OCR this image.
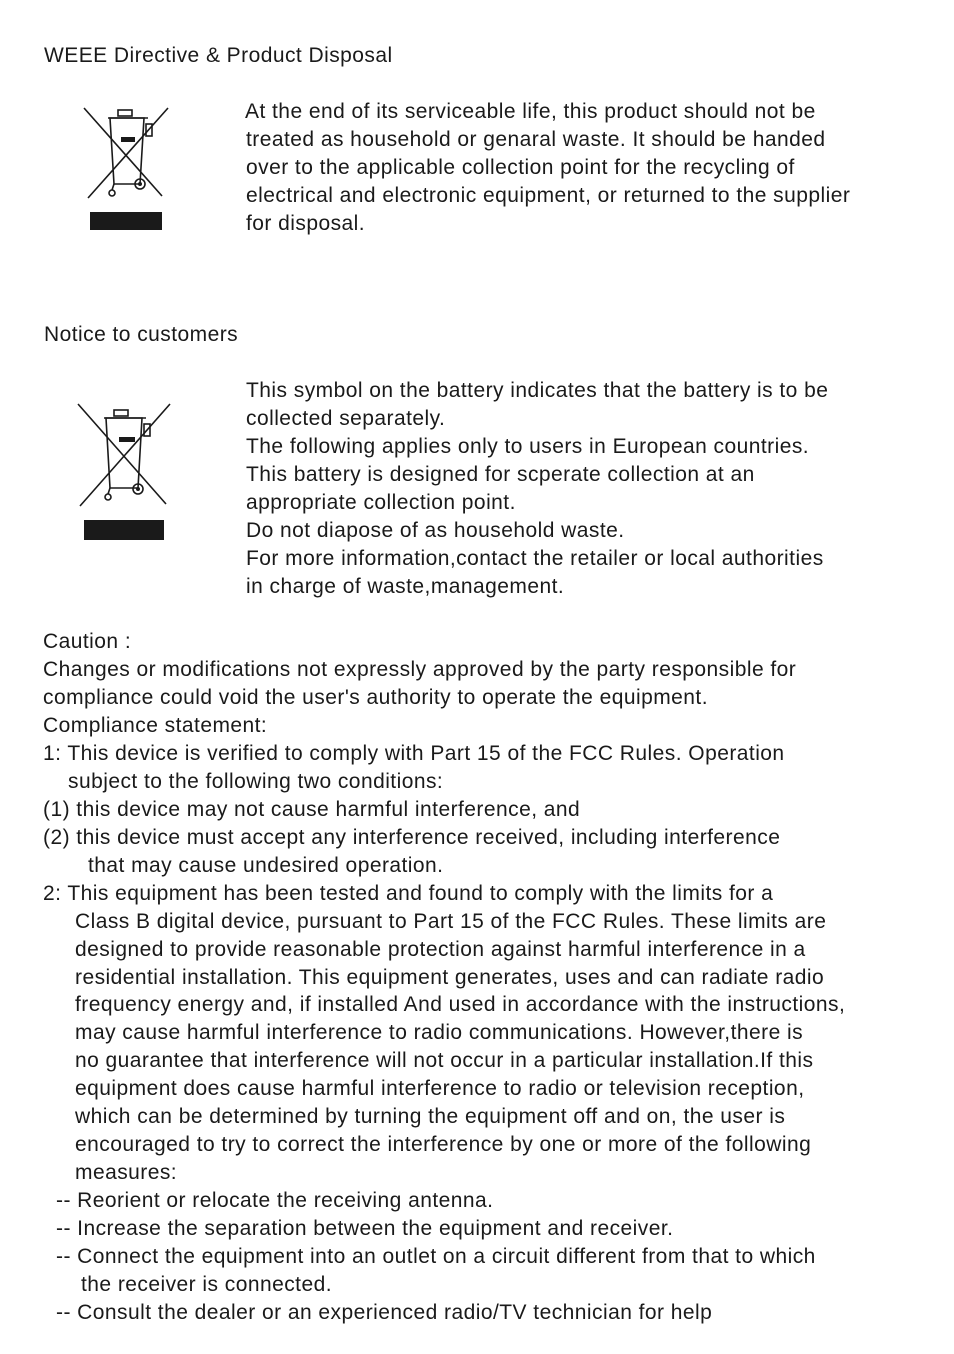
WEEE Directive & Product Disposal
At the end of its serviceable life, this product should not be
treated as household or genaral waste. It should be handed
over to the applicable collection point for the recycling of
electrical and electronic equipment, or returned to the supplier
for disposal.
Notice to customers
This symbol on the battery indicates that the battery is to be
collected separately.
The following applies only to users in European countries.
This battery is designed for scperate collection at an
appropriate collection point.
Do not diapose of as household waste.
For more information,contact the retailer or local authorities
in charge of waste,management.
Caution :
Changes or modifications not expressly approved by the party responsible for
compliance could void the user's authority to operate the equipment.
Compliance statement:
1: This device is verified to comply with Part 15 of the FCC Rules. Operation
subject to the following two conditions:
(1) this device may not cause harmful interference, and
(2) this device must accept any interference received, including interference
that may cause undesired operation.
2: This equipment has been tested and found to comply with the limits for a
Class B digital device, pursuant to Part 15 of the FCC Rules. These limits are
designed to provide reasonable protection against harmful interference in a
residential installation. This equipment generates, uses and can radiate radio
frequency energy and, if installed And used in accordance with the instructions,
may cause harmful interference to radio communications. However,there is
no guarantee that interference will not occur in a particular installation.If this
equipment does cause harmful interference to radio or television reception,
which can be determined by turning the equipment off and on, the user is
encouraged to try to correct the interference by one or more of the following
measures:
-- Reorient or relocate the receiving antenna.
-- Increase the separation between the equipment and receiver.
-- Connect the equipment into an outlet on a circuit different from that to which
the receiver is connected.
-- Consult the dealer or an experienced radio/TV technician for help
